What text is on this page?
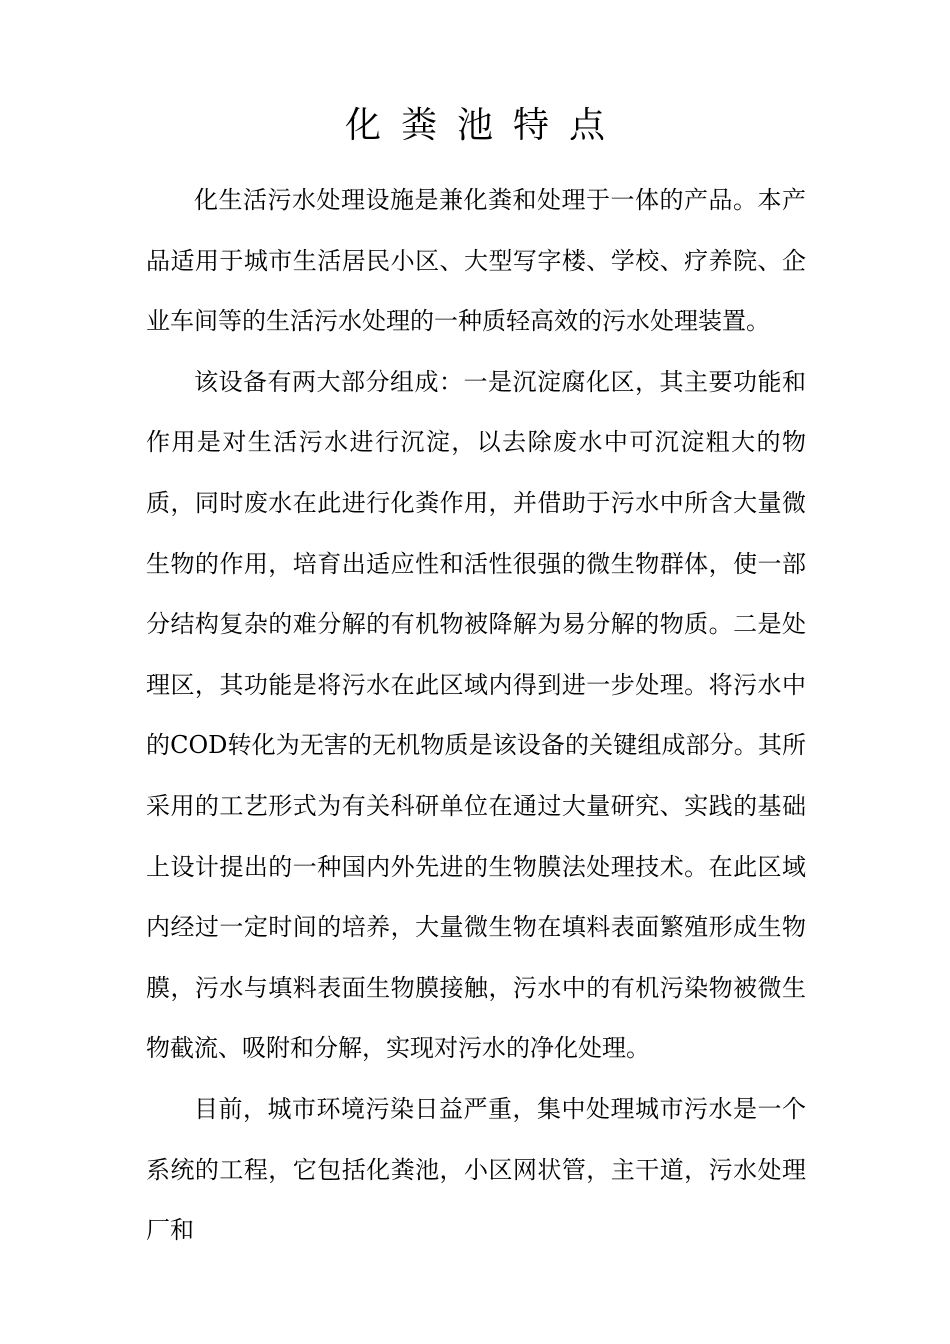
化粪池特点

化生活污水处理设施是兼化粪和处理于一体的产品。本产品适用于城市生活居民小区、大型写字楼、学校、疗养院、企业车间等的生活污水处理的一种质轻高效的污水处理装置。

该设备有两大部分组成：一是沉淀腐化区，其主要功能和作用是对生活污水进行沉淀，以去除废水中可沉淀粗大的物质，同时废水在此进行化粪作用，并借助于污水中所含大量微生物的作用，培育出适应性和活性很强的微生物群体，使一部分结构复杂的难分解的有机物被降解为易分解的物质。二是处理区，其功能是将污水在此区域内得到进一步处理。将污水中的COD转化为无害的无机物质是该设备的关键组成部分。其所采用的工艺形式为有关科研单位在通过大量研究、实践的基础上设计提出的一种国内外先进的生物膜法处理技术。在此区域内经过一定时间的培养，大量微生物在填料表面繁殖形成生物膜，污水与填料表面生物膜接触，污水中的有机污染物被微生物截流、吸附和分解，实现对污水的净化处理。

目前，城市环境污染日益严重，集中处理城市污水是一个系统的工程，它包括化粪池，小区网状管，主干道，污水处理厂和
